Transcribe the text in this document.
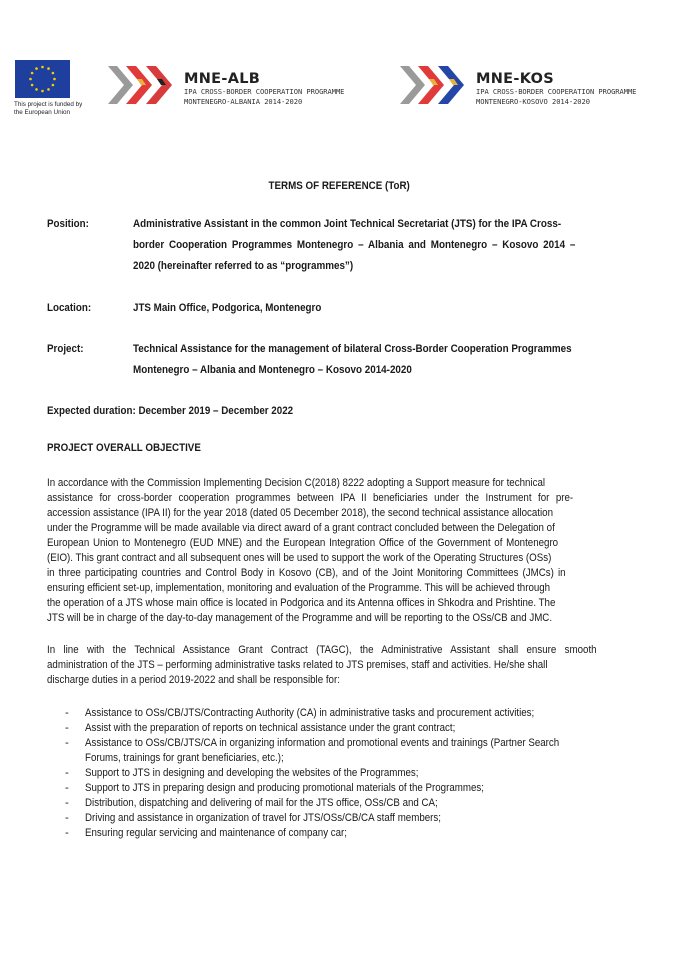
This project is funded by
the European Union
MNE-ALB
IPA CROSS-BORDER COOPERATION PROGRAMME
MONTENEGRO-ALBANIA 2014-2020
MNE-KOS
IPA CROSS-BORDER COOPERATION PROGRAMME
MONTENEGRO-KOSOVO 2014-2020
TERMS OF REFERENCE (ToR)
Position:	Administrative Assistant in the common Joint Technical Secretariat (JTS) for the IPA Cross-
border Cooperation Programmes Montenegro – Albania and Montenegro – Kosovo 2014 –
2020 (hereinafter referred to as “programmes”)
Location:	JTS Main Office, Podgorica, Montenegro
Project:	Technical Assistance for the management of bilateral Cross-Border Cooperation Programmes
Montenegro – Albania and Montenegro – Kosovo 2014-2020
Expected duration: December 2019 – December 2022
PROJECT OVERALL OBJECTIVE
In accordance with the Commission Implementing Decision C(2018) 8222 adopting a Support measure for technical
assistance for cross-border cooperation programmes between IPA II beneficiaries under the Instrument for pre-
accession assistance (IPA II) for the year 2018 (dated 05 December 2018), the second technical assistance allocation
under the Programme will be made available via direct award of a grant contract concluded between the Delegation of
European Union to Montenegro (EUD MNE) and the European Integration Office of the Government of Montenegro
(EIO). This grant contract and all subsequent ones will be used to support the work of the Operating Structures (OSs)
in three participating countries and Control Body in Kosovo (CB), and of the Joint Monitoring Committees (JMCs) in
ensuring efficient set-up, implementation, monitoring and evaluation of the Programme. This will be achieved through
the operation of a JTS whose main office is located in Podgorica and its Antenna offices in Shkodra and Prishtine. The
JTS will be in charge of the day-to-day management of the Programme and will be reporting to the OSs/CB and JMC.
In line with the Technical Assistance Grant Contract (TAGC), the Administrative Assistant shall ensure smooth
administration of the JTS – performing administrative tasks related to JTS premises, staff and activities. He/she shall
discharge duties in a period 2019-2022 and shall be responsible for:
- Assistance to OSs/CB/JTS/Contracting Authority (CA) in administrative tasks and procurement activities;
- Assist with the preparation of reports on technical assistance under the grant contract;
- Assistance to OSs/CB/JTS/CA in organizing information and promotional events and trainings (Partner Search
Forums, trainings for grant beneficiaries, etc.);
- Support to JTS in designing and developing the websites of the Programmes;
- Support to JTS in preparing design and producing promotional materials of the Programmes;
- Distribution, dispatching and delivering of mail for the JTS office, OSs/CB and CA;
- Driving and assistance in organization of travel for JTS/OSs/CB/CA staff members;
- Ensuring regular servicing and maintenance of company car;
